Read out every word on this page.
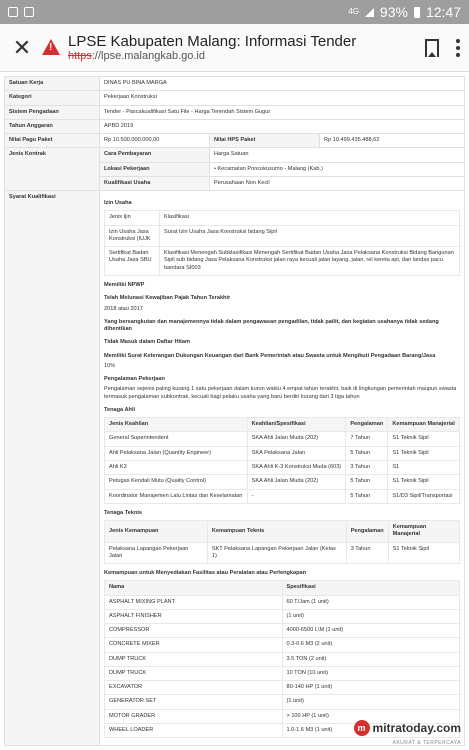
4G 93% 12:47
✕
!	LPSE Kabupaten Malang: Informasi Tender
https://lpse.malangkab.go.id
Satuan Kerja	DINAS PU BINA MARGA
Kategori	Pekerjaan Konstruksi
Sistem Pengadaan	Tender - Pascakualifikasi Satu File - Harga Terendah Sistem Gugur
Tahun Anggaran	APBD 2019
Nilai Pagu Paket	Rp 10.500.000.000,00	Nilai HPS Paket	Rp 10.499.435.488,62
Jenis Kontrak	Cara Pembayaran	Harga Satuan
Lokasi Pekerjaan	•Kecamatan Poncokusumo - Malang (Kab.)
Kualifikasi Usaha	Perusahaan Non Kecil
Syarat Kualifikasi	
Izin Usaha
Jenis Ijin	Klasifikasi
Izin Usaha Jasa Konstruksi (IUJK	Surat Izin Usaha Jasa Konstruksi bidang Sipil
Sertifikat Badan Usaha Jasa SBU	Klasifikasi Menengah Subklasifikasi Menengah Sertifikat Badan Usaha Jasa Pelaksana Konstruksi Bidang Bangunan Sipil sub bidang Jasa Pelaksana Konstruksi jalan raya kecuali jalan layang, jalan, rel kereta api, dan landas pacu bandara SI003
Memiliki NPWP
Telah Melunasi Kewajiban Pajak Tahun Terakhir
2018 atau 2017
Yang bersangkutan dan manajemennya tidak dalam pengawasan pengadilan, tidak pailit, dan kegiatan usahanya tidak sedang dihentikan
Tidak Masuk dalam Daftar Hitam
Memiliki Surat Keterangan Dukungan Keuangan dari Bank Pemerintah atau Swasta untuk Mengikuti Pengadaan Barang/Jasa
10%
Pengalaman Pekerjaan
Pengalaman sejenis paling kurang 1 satu pekerjaan dalam kurun waktu 4 empat tahun terakhir, baik di lingkungan pemerintah maupun swasta termasuk pengalaman subkontrak, kecuali bagi pelaku usaha yang baru berdiri kurang dari 3 tiga tahun
Tenaga Ahli
Jenis Keahlian	Keahlian/Spesifikasi	Pengalaman	Kemampuan Manajerial
General Superintendent	SKA Ahli Jalan Muda (202)	7 Tahun	S1 Teknik Sipil
Ahli Pelaksana Jalan (Quantity Engineer)	SKA Pelaksana Jalan	5 Tahun	S1 Teknik Sipil
Ahli K3	SKA Ahli K-3 Konstruksi Muda (603)	3 Tahun	S1
Petugas Kendali Mutu (Quality Control)	SKA Ahli Jalan Muda (202)	5 Tahun	S1 Teknik Sipil
Koordinator Manajemen Lalu Lintas dan Keselamatan	-	5 Tahun	S1/D3 Sipil/Transportasi
Tenaga Teknis
Jenis Kemampuan	Kemampuan Teknis	Pengalaman	Kemampuan Manajerial
Pelaksana Lapangan Pekerjaan Jalan	SKT Pelaksana Lapangan Pekerjaan Jalan (Kelas 1)	3 Tahun	S1 Teknik Sipil
Kemampuan untuk Menyediakan Fasilitas atau Peralatan atau Perlengkapan
Nama	Spesifikasi
ASPHALT MIXING PLANT	60 T/Jam (1 unit)
ASPHALT FINISHER	(1 unit)
COMPRESSOR	4000-6500 L\M (1 unit)
CONCRETE MIXER	0.3-0.6 M3 (2 unit)
DUMP TRUCK	3.5 TON (2 unit)
DUMP TRUCK	10 TON (10 unit)
EXCAVATOR	80-140 HP (1 unit)
GENERATOR SET	(1 unit)
MOTOR GRADER	> 100 HP (1 unit)
WHEEL LOADER	1.0-1.6 M3 (1 unit)	m mitratoday.com
AKURAT & TERPERCAYA
